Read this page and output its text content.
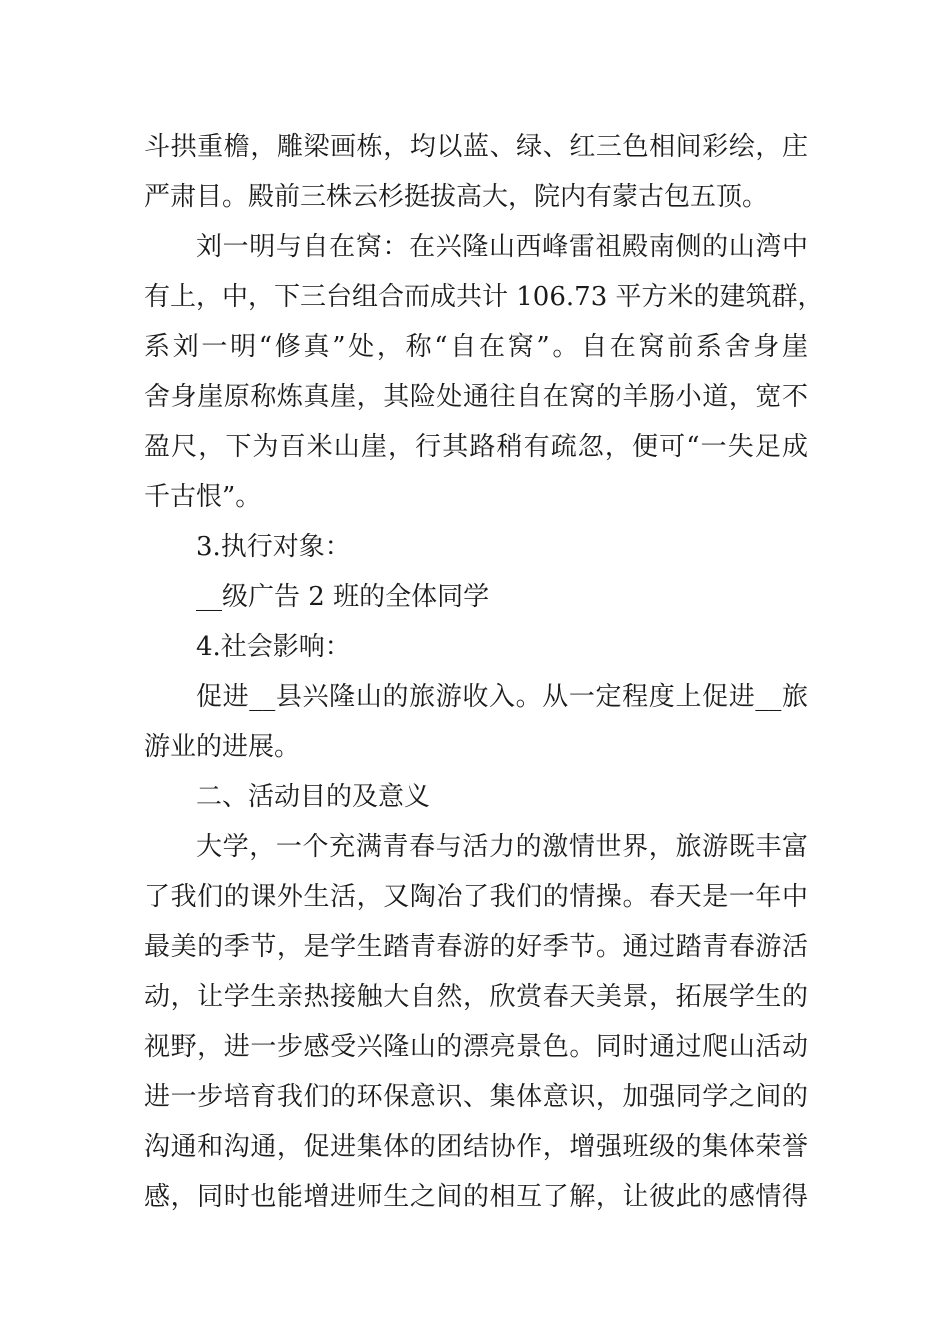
斗拱重檐，雕梁画栋，均以蓝、绿、红三色相间彩绘，庄
严肃目。殿前三株云杉挺拔高大，院内有蒙古包五顶。
刘一明与自在窝：在兴隆山西峰雷祖殿南侧的山湾中
有上，中，下三台组合而成共计 106.73 平方米的建筑群，
系刘一明“修真”处，称“自在窝”。自在窝前系舍身崖
舍身崖原称炼真崖，其险处通往自在窝的羊肠小道，宽不
盈尺，下为百米山崖，行其路稍有疏忽，便可“一失足成
千古恨”。
3.执行对象：
__级广告 2 班的全体同学
4.社会影响：
促进__县兴隆山的旅游收入。从一定程度上促进__旅
游业的进展。
二、活动目的及意义
大学，一个充满青春与活力的激情世界，旅游既丰富
了我们的课外生活，又陶冶了我们的情操。春天是一年中
最美的季节，是学生踏青春游的好季节。通过踏青春游活
动，让学生亲热接触大自然，欣赏春天美景，拓展学生的
视野，进一步感受兴隆山的漂亮景色。同时通过爬山活动
进一步培育我们的环保意识、集体意识，加强同学之间的
沟通和沟通，促进集体的团结协作，增强班级的集体荣誉
感，同时也能增进师生之间的相互了解，让彼此的感情得
